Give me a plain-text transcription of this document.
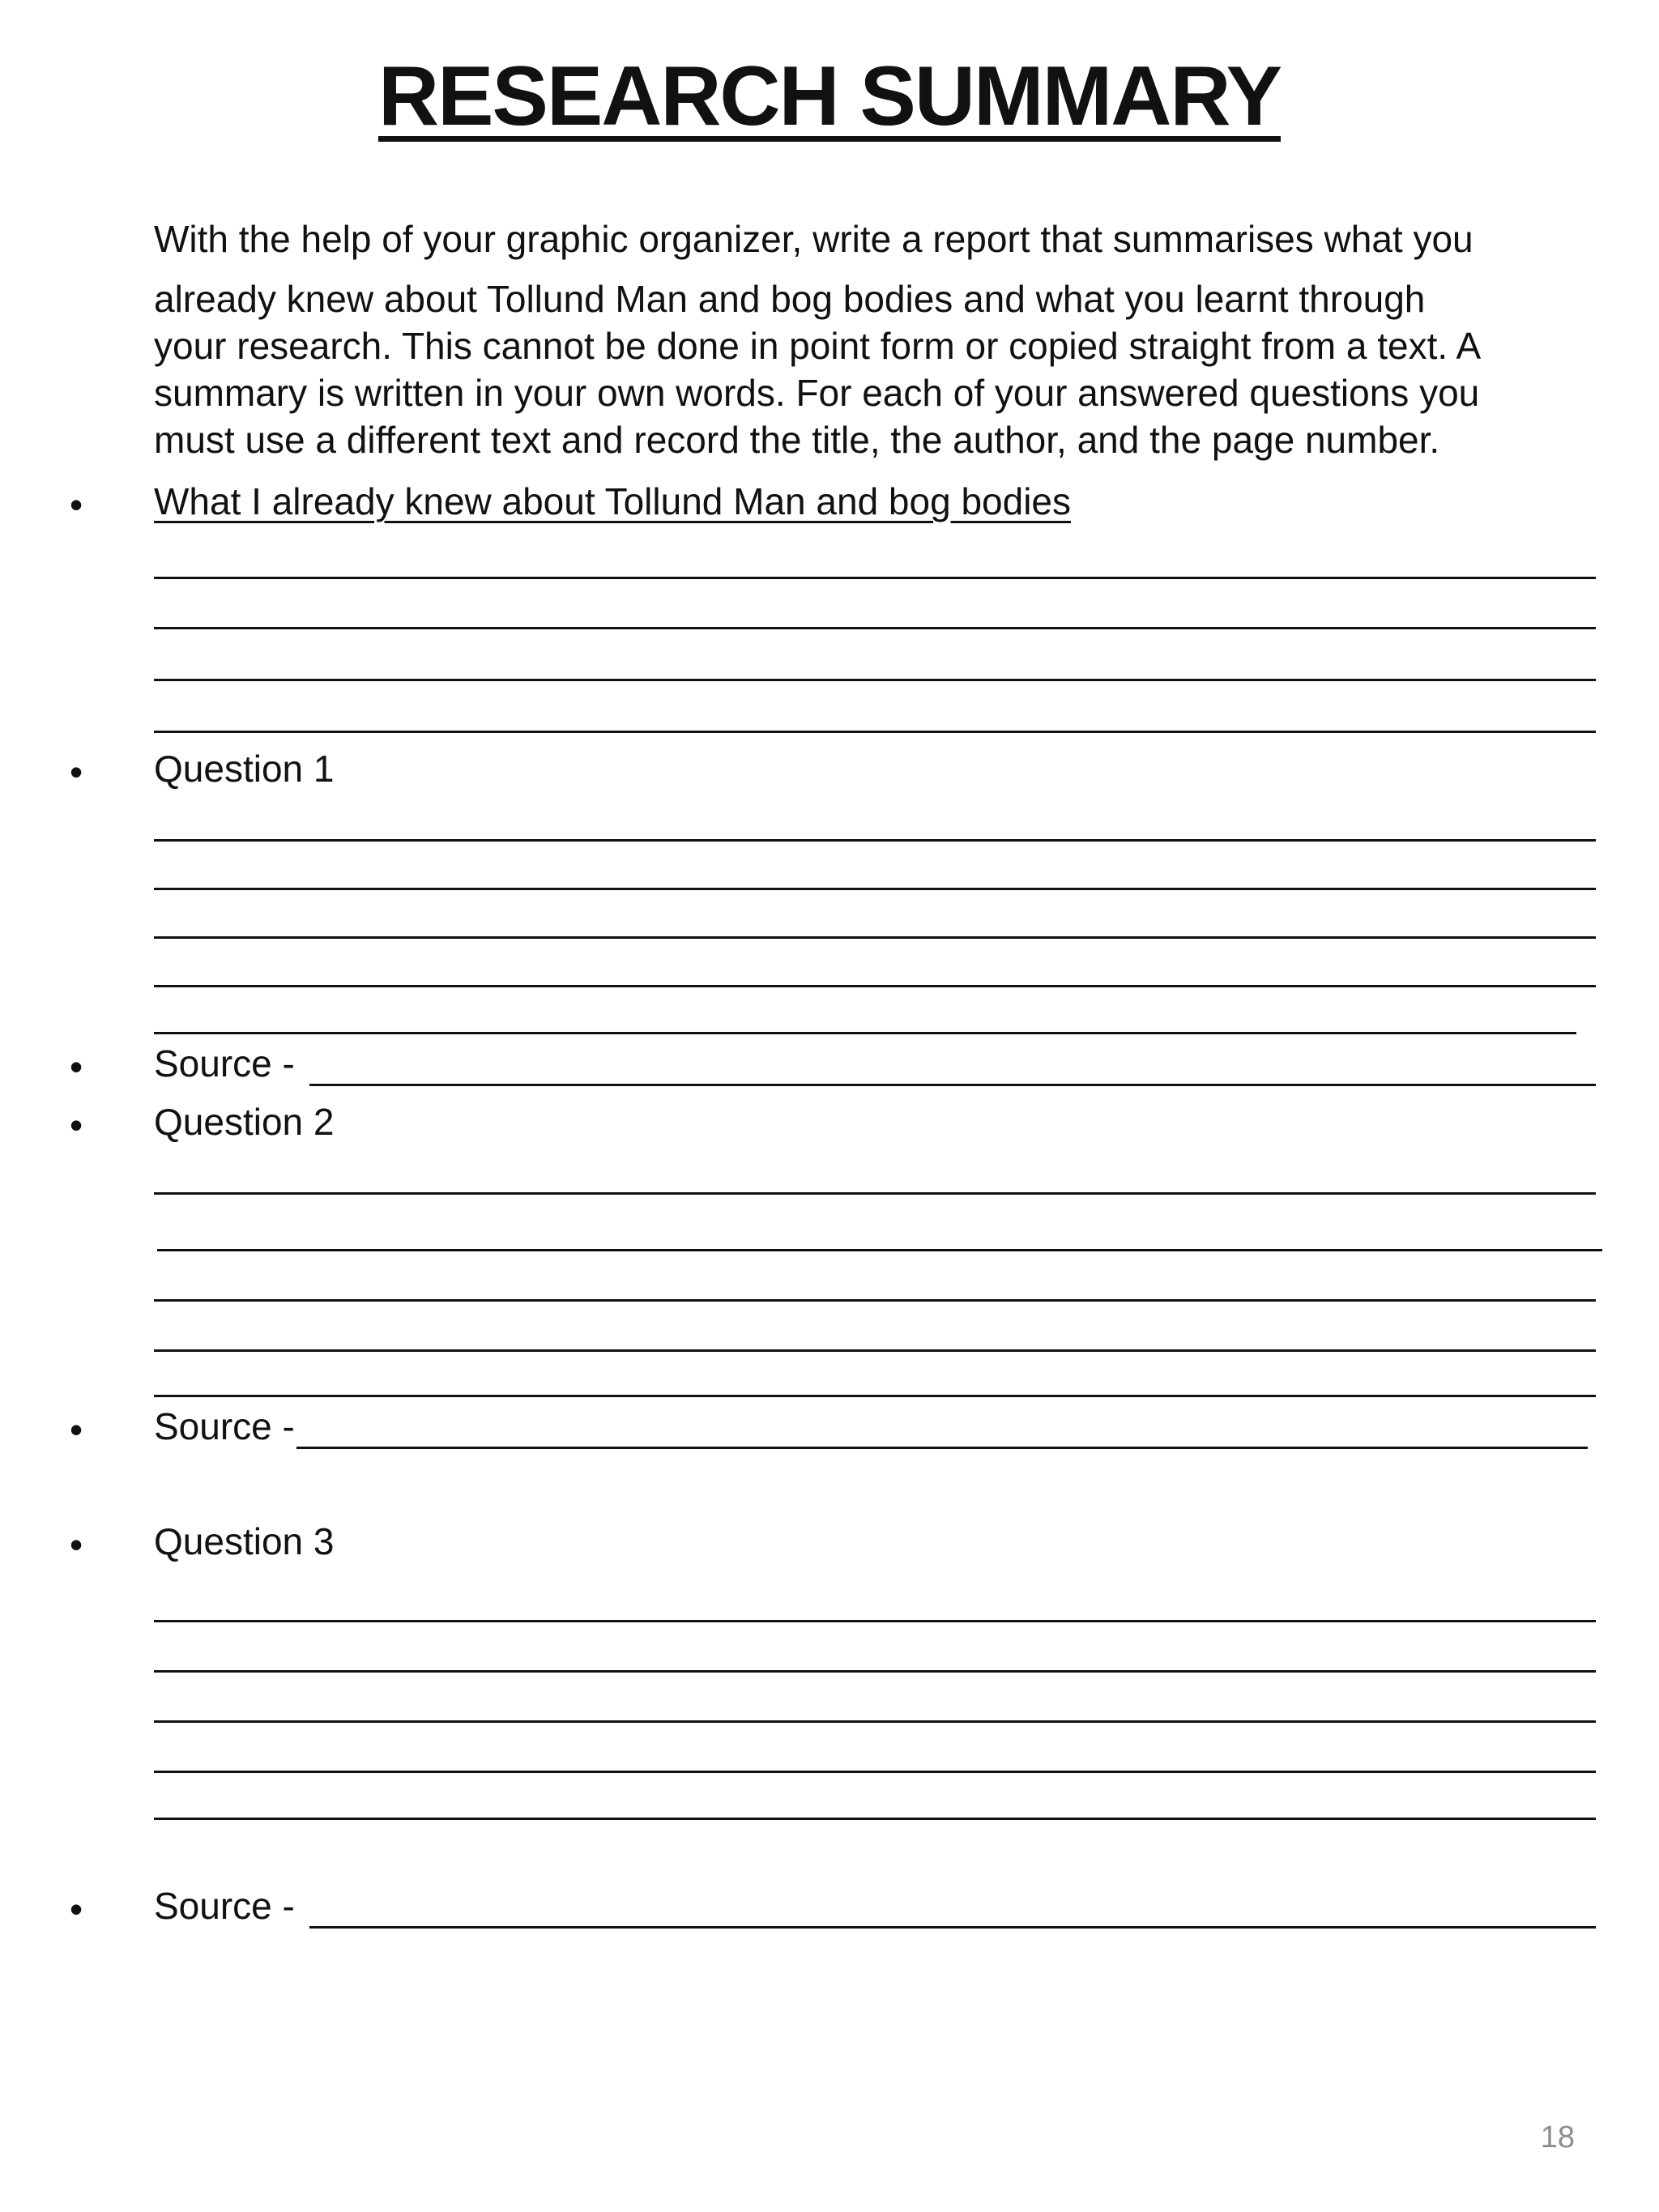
RESEARCH SUMMARY
With the help of your graphic organizer, write a report that summarises what you
already knew about Tollund Man and bog bodies and what you learnt through
your research. This cannot be done in point form or copied straight from a text. A
summary is written in your own words. For each of your answered questions you
must use a different text and record the title, the author, and the page number.
• What I already knew about Tollund Man and bog bodies
• Question 1
• Source -
• Question 2
• Source -
• Question 3
• Source -
18
